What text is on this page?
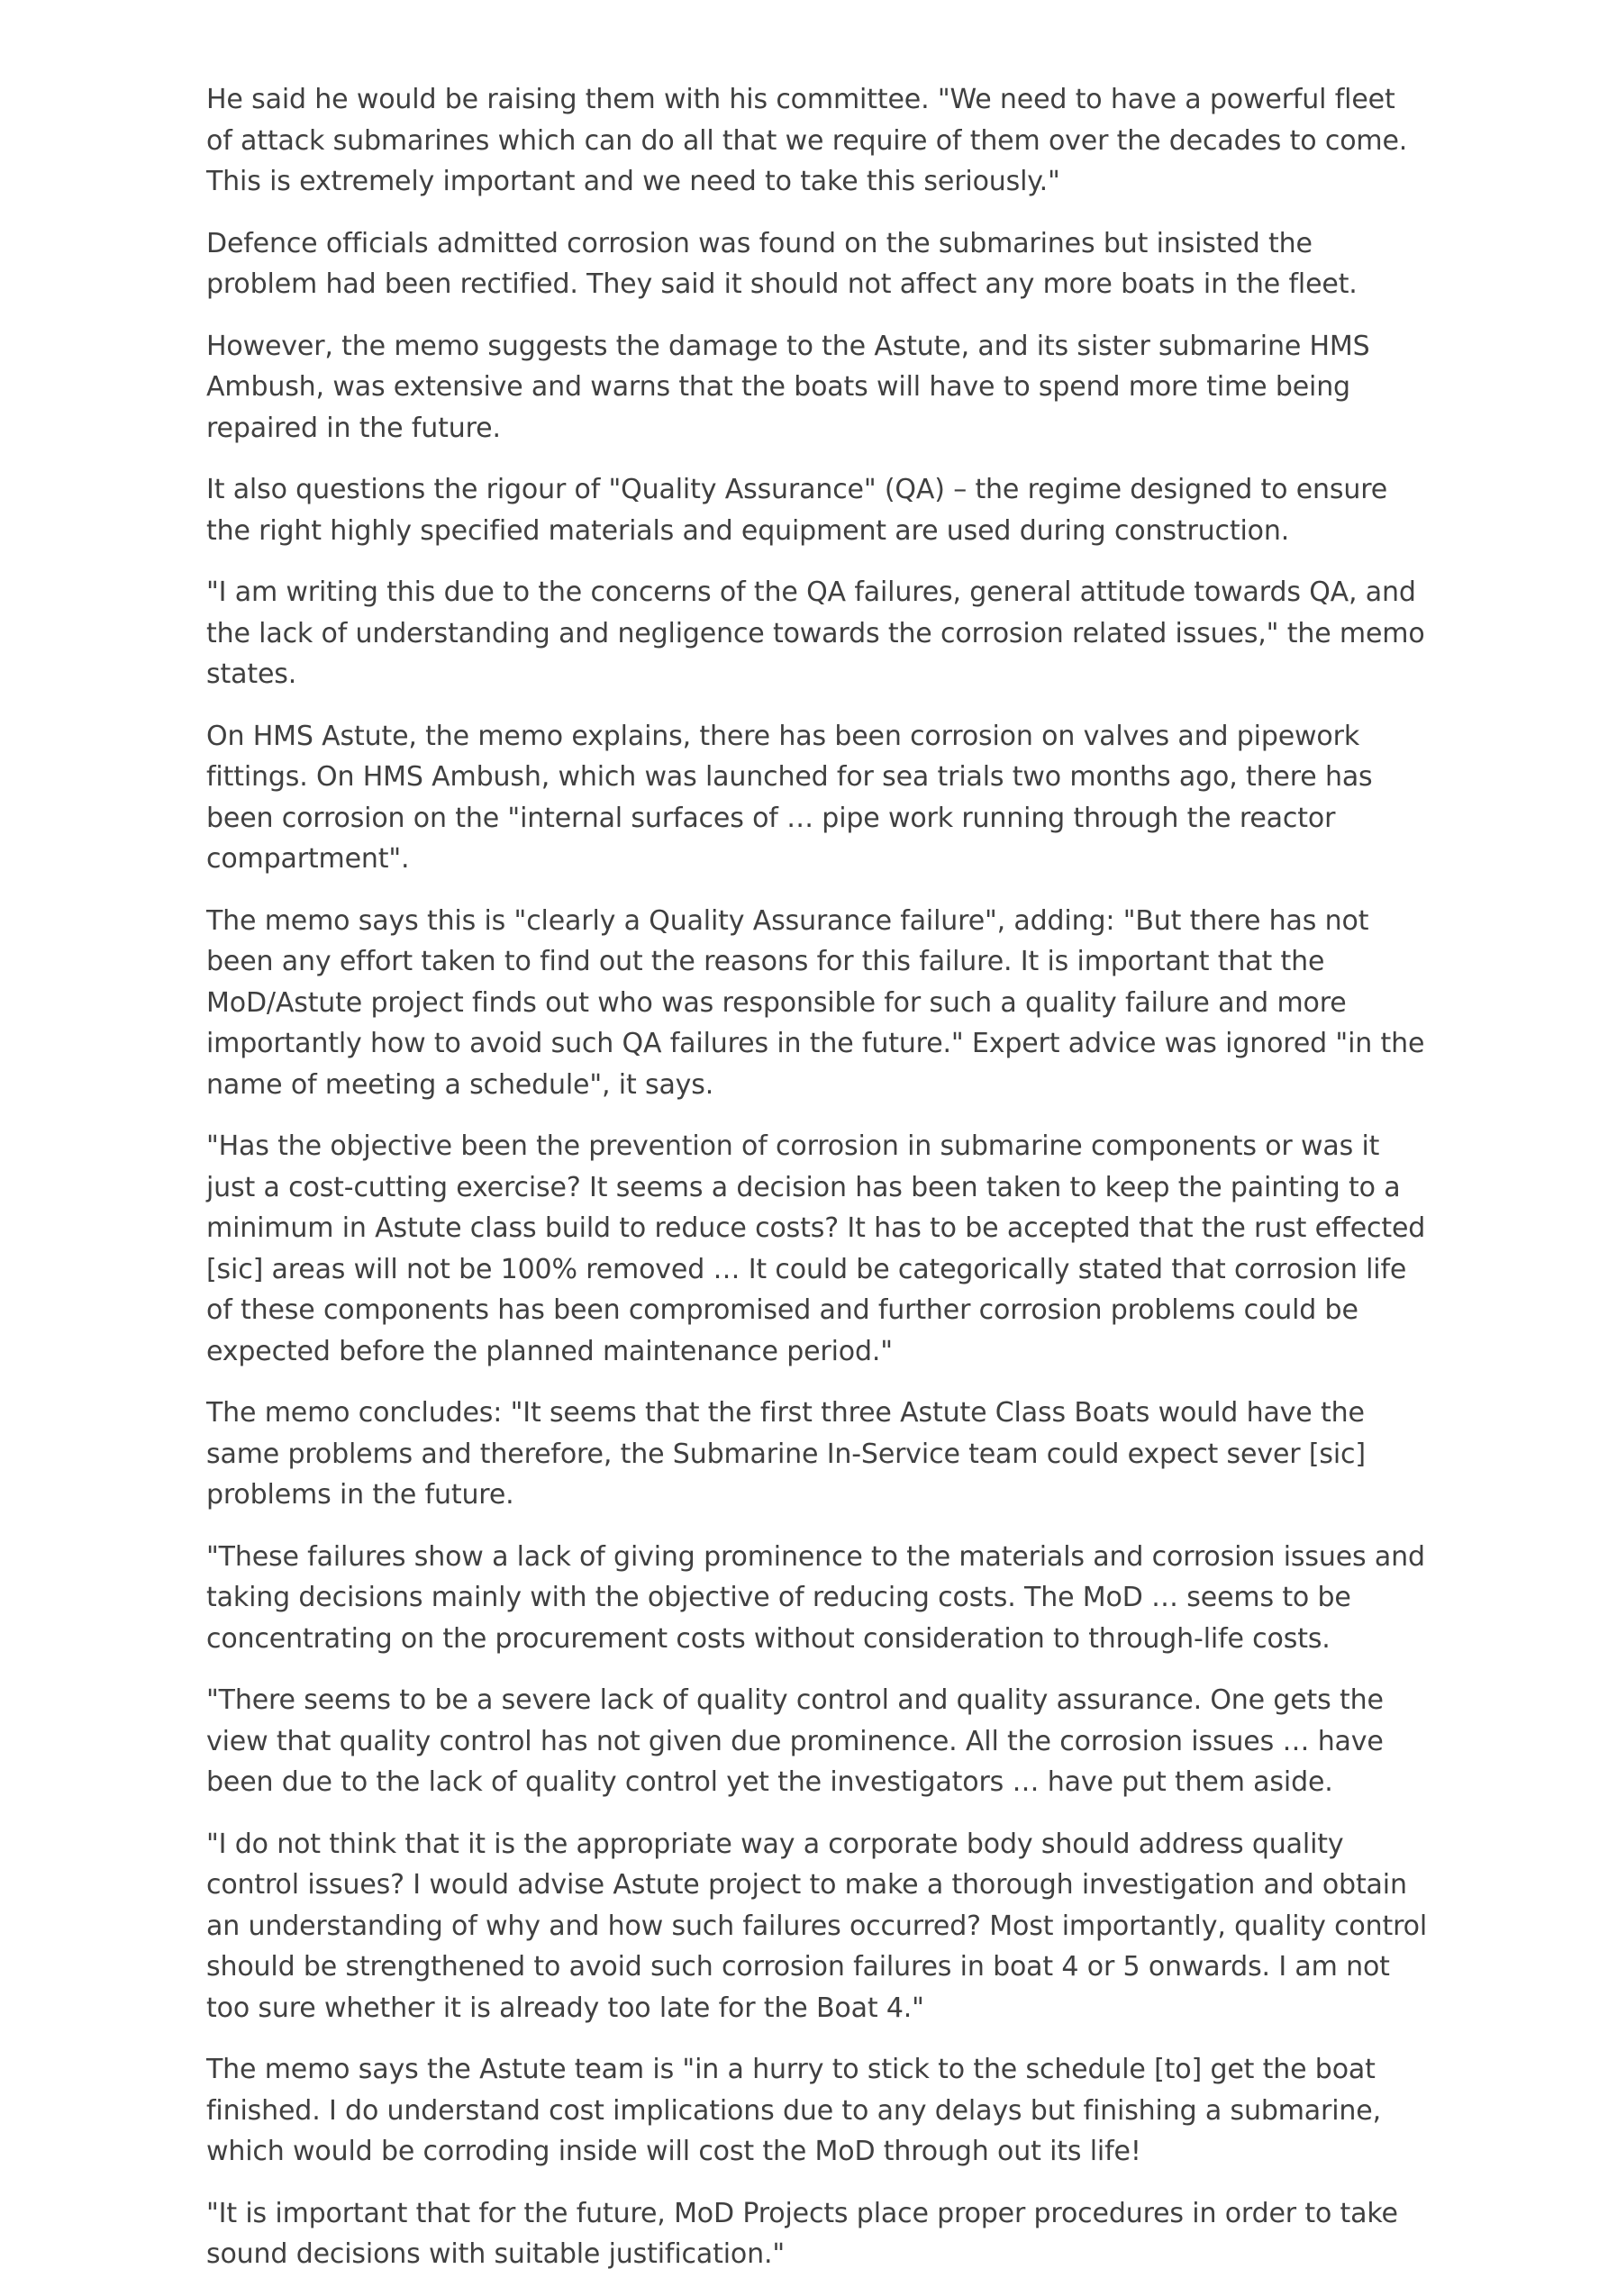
He said he would be raising them with his committee. "We need to have a powerful fleet of attack submarines which can do all that we require of them over the decades to come. This is extremely important and we need to take this seriously."

Defence officials admitted corrosion was found on the submarines but insisted the problem had been rectified. They said it should not affect any more boats in the fleet.

However, the memo suggests the damage to the Astute, and its sister submarine HMS Ambush, was extensive and warns that the boats will have to spend more time being repaired in the future.

It also questions the rigour of "Quality Assurance" (QA) – the regime designed to ensure the right highly specified materials and equipment are used during construction.

"I am writing this due to the concerns of the QA failures, general attitude towards QA, and the lack of understanding and negligence towards the corrosion related issues," the memo states.

On HMS Astute, the memo explains, there has been corrosion on valves and pipework fittings. On HMS Ambush, which was launched for sea trials two months ago, there has been corrosion on the "internal surfaces of … pipe work running through the reactor compartment".

The memo says this is "clearly a Quality Assurance failure", adding: "But there has not been any effort taken to find out the reasons for this failure. It is important that the MoD/Astute project finds out who was responsible for such a quality failure and more importantly how to avoid such QA failures in the future." Expert advice was ignored "in the name of meeting a schedule", it says.

"Has the objective been the prevention of corrosion in submarine components or was it just a cost-cutting exercise? It seems a decision has been taken to keep the painting to a minimum in Astute class build to reduce costs? It has to be accepted that the rust effected [sic] areas will not be 100% removed … It could be categorically stated that corrosion life of these components has been compromised and further corrosion problems could be expected before the planned maintenance period."

The memo concludes: "It seems that the first three Astute Class Boats would have the same problems and therefore, the Submarine In-Service team could expect sever [sic] problems in the future.

"These failures show a lack of giving prominence to the materials and corrosion issues and taking decisions mainly with the objective of reducing costs. The MoD … seems to be concentrating on the procurement costs without consideration to through-life costs.

"There seems to be a severe lack of quality control and quality assurance. One gets the view that quality control has not given due prominence. All the corrosion issues … have been due to the lack of quality control yet the investigators … have put them aside.

"I do not think that it is the appropriate way a corporate body should address quality control issues? I would advise Astute project to make a thorough investigation and obtain an understanding of why and how such failures occurred? Most importantly, quality control should be strengthened to avoid such corrosion failures in boat 4 or 5 onwards. I am not too sure whether it is already too late for the Boat 4."

The memo says the Astute team is "in a hurry to stick to the schedule [to] get the boat finished. I do understand cost implications due to any delays but finishing a submarine, which would be corroding inside will cost the MoD through out its life!

"It is important that for the future, MoD Projects place proper procedures in order to take sound decisions with suitable justification."
